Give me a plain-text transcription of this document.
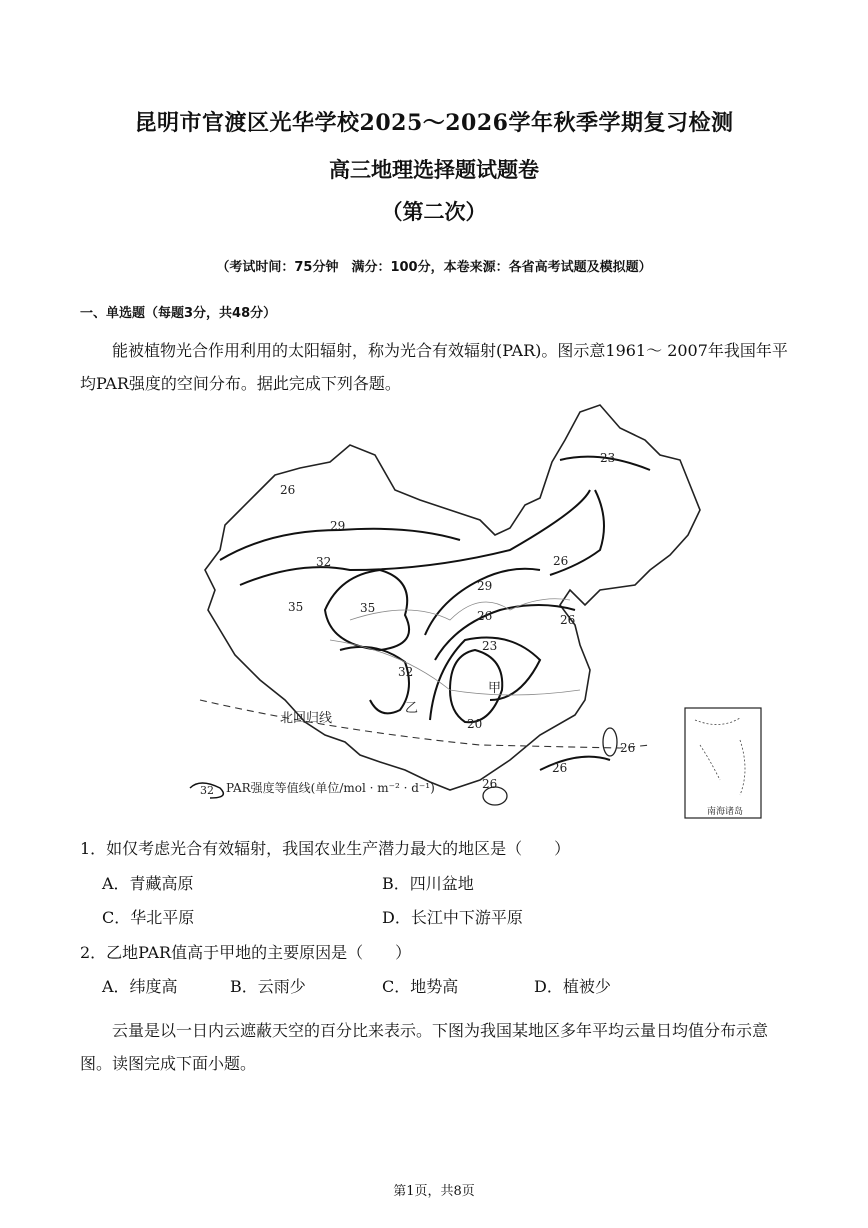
昆明市官渡区光华学校2025～2026学年秋季学期复习检测
高三地理选择题试题卷
（第二次）
（考试时间：75分钟　满分：100分，本卷来源：各省高考试题及模拟题）
一、单选题（每题3分，共48分）
能被植物光合作用利用的太阳辐射，称为光合有效辐射(PAR)。图示意1961～ 2007年我国年平均PAR强度的空间分布。据此完成下列各题。
23
26
29
32
35	35
29
26
26
23
32
20
26
26
26
26
甲
乙
北回归线
南海诸岛
32 PAR强度等值线(单位/mol · m⁻² · d⁻¹)
1．如仅考虑光合有效辐射，我国农业生产潜力最大的地区是（　　）
A．青藏高原	B．四川盆地
C．华北平原	D．长江中下游平原
2．乙地PAR值高于甲地的主要原因是（　　）
A．纬度高	B．云雨少	C．地势高	D．植被少
云量是以一日内云遮蔽天空的百分比来表示。下图为我国某地区多年平均云量日均值分布示意图。读图完成下面小题。
第1页，共8页
